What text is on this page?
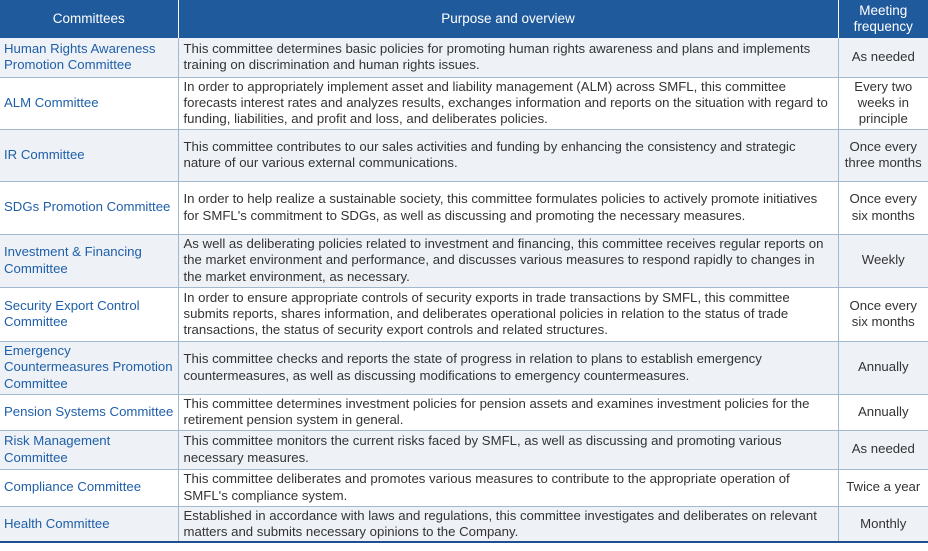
Committees	Purpose and overview	Meeting frequency
Human Rights Awareness Promotion Committee	This committee determines basic policies for promoting human rights awareness and plans and implements training on discrimination and human rights issues.	As needed
ALM Committee	In order to appropriately implement asset and liability management (ALM) across SMFL, this committee forecasts interest rates and analyzes results, exchanges information and reports on the situation with regard to funding, liabilities, and profit and loss, and deliberates policies.	Every two weeks in principle
IR Committee	This committee contributes to our sales activities and funding by enhancing the consistency and strategic nature of our various external communications.	Once every three months
SDGs Promotion Committee	In order to help realize a sustainable society, this committee formulates policies to actively promote initiatives for SMFL's commitment to SDGs, as well as discussing and promoting the necessary measures.	Once every six months
Investment & Financing Committee	As well as deliberating policies related to investment and financing, this committee receives regular reports on the market environment and performance, and discusses various measures to respond rapidly to changes in the market environment, as necessary.	Weekly
Security Export Control Committee	In order to ensure appropriate controls of security exports in trade transactions by SMFL, this committee submits reports, shares information, and deliberates operational policies in relation to the status of trade transactions, the status of security export controls and related structures.	Once every six months
Emergency Countermeasures Promotion Committee	This committee checks and reports the state of progress in relation to plans to establish emergency countermeasures, as well as discussing modifications to emergency countermeasures.	Annually
Pension Systems Committee	This committee determines investment policies for pension assets and examines investment policies for the retirement pension system in general.	Annually
Risk Management Committee	This committee monitors the current risks faced by SMFL, as well as discussing and promoting various necessary measures.	As needed
Compliance Committee	This committee deliberates and promotes various measures to contribute to the appropriate operation of SMFL's compliance system.	Twice a year
Health Committee	Established in accordance with laws and regulations, this committee investigates and deliberates on relevant matters and submits necessary opinions to the Company.	Monthly
